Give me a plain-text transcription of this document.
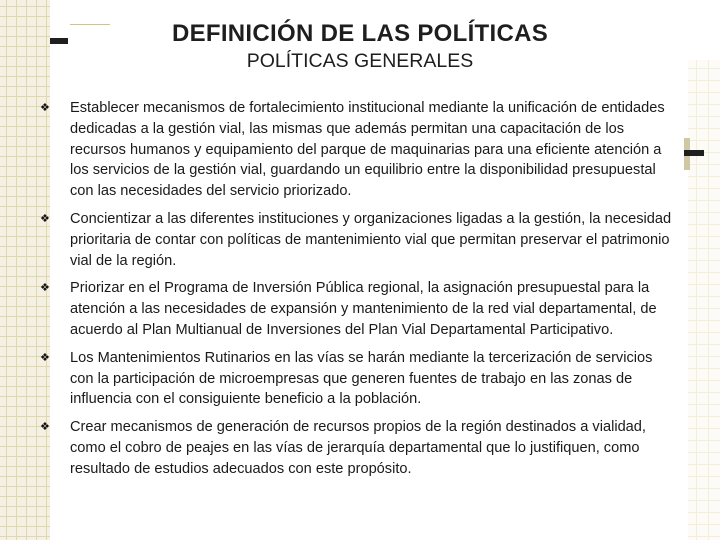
DEFINICIÓN DE LAS POLÍTICAS
POLÍTICAS GENERALES
❖ Establecer mecanismos de fortalecimiento institucional mediante la unificación de entidades dedicadas a la gestión vial, las mismas que además permitan una capacitación de los recursos humanos y equipamiento del parque de maquinarias para una eficiente atención a los servicios de la gestión vial, guardando un equilibrio entre la disponibilidad presupuestal con las necesidades del servicio priorizado.
❖ Concientizar a las diferentes instituciones y organizaciones ligadas a la gestión, la necesidad prioritaria de contar con políticas de mantenimiento vial que permitan preservar el patrimonio vial de la región.
❖ Priorizar en el Programa de Inversión Pública regional, la asignación presupuestal para la atención a las necesidades de expansión y mantenimiento de la red vial departamental, de acuerdo al Plan Multianual de Inversiones del Plan Vial Departamental Participativo.
❖ Los Mantenimientos Rutinarios en las vías se harán mediante la tercerización de servicios con la participación de microempresas que generen fuentes de trabajo en las zonas de influencia con el consiguiente beneficio a la población.
❖ Crear mecanismos de generación de recursos propios de la región destinados a vialidad, como el cobro de peajes en las vías de jerarquía departamental que lo justifiquen, como resultado de estudios adecuados con este propósito.
